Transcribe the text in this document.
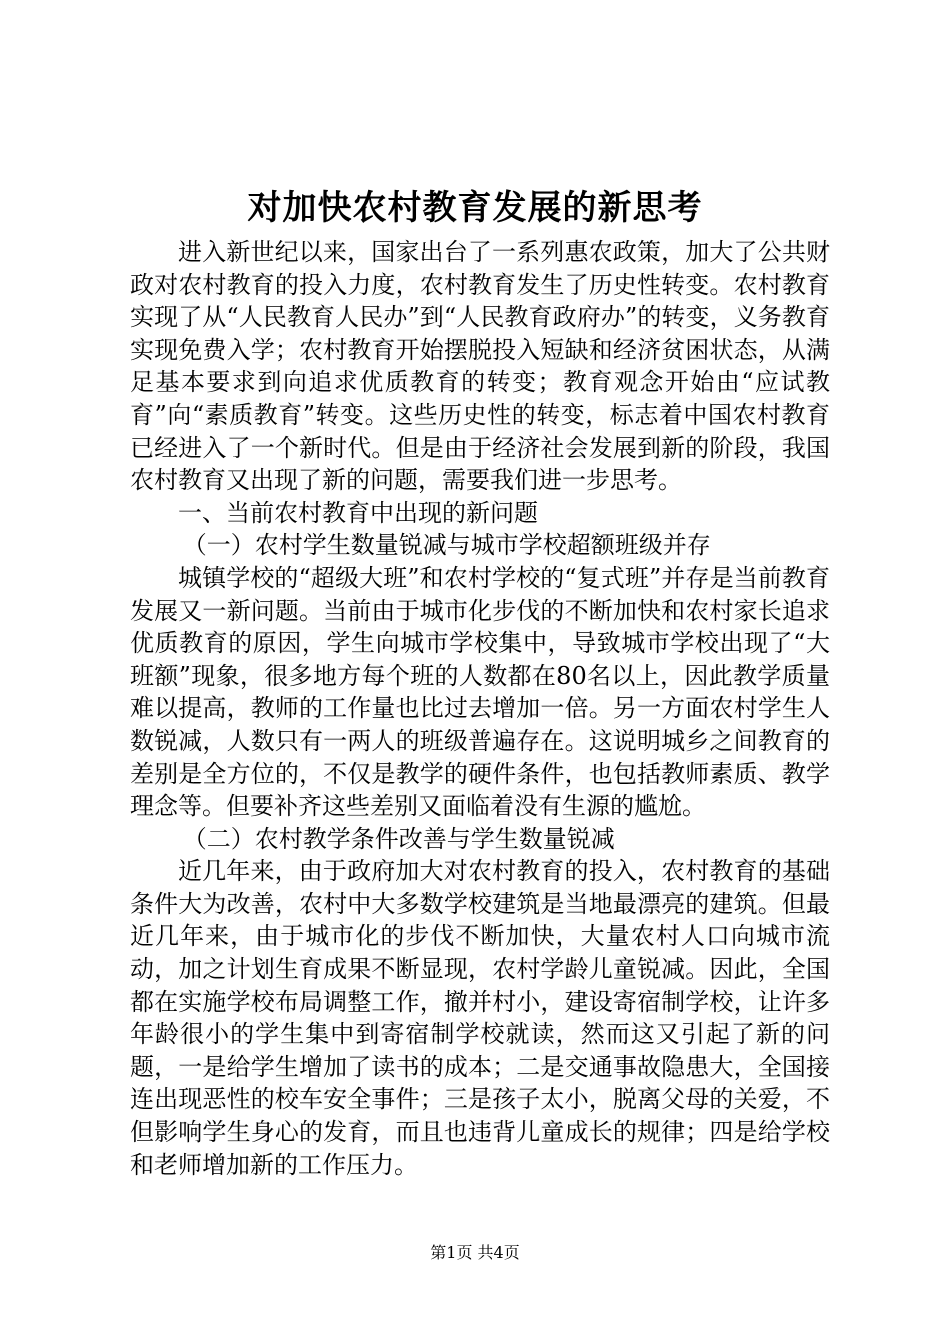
对加快农村教育发展的新思考

进入新世纪以来，国家出台了一系列惠农政策，加大了公共财政对农村教育的投入力度，农村教育发生了历史性转变。农村教育实现了从“人民教育人民办”到“人民教育政府办”的转变，义务教育实现免费入学；农村教育开始摆脱投入短缺和经济贫困状态，从满足基本要求到向追求优质教育的转变；教育观念开始由“应试教育”向“素质教育”转变。这些历史性的转变，标志着中国农村教育已经进入了一个新时代。但是由于经济社会发展到新的阶段，我国农村教育又出现了新的问题，需要我们进一步思考。

一、当前农村教育中出现的新问题

（一）农村学生数量锐减与城市学校超额班级并存

城镇学校的“超级大班”和农村学校的“复式班”并存是当前教育发展又一新问题。当前由于城市化步伐的不断加快和农村家长追求优质教育的原因，学生向城市学校集中，导致城市学校出现了“大班额”现象，很多地方每个班的人数都在80名以上，因此教学质量难以提高，教师的工作量也比过去增加一倍。另一方面农村学生人数锐减，人数只有一两人的班级普遍存在。这说明城乡之间教育的差别是全方位的，不仅是教学的硬件条件，也包括教师素质、教学理念等。但要补齐这些差别又面临着没有生源的尴尬。

（二）农村教学条件改善与学生数量锐减

近几年来，由于政府加大对农村教育的投入，农村教育的基础条件大为改善，农村中大多数学校建筑是当地最漂亮的建筑。但最近几年来，由于城市化的步伐不断加快，大量农村人口向城市流动，加之计划生育成果不断显现，农村学龄儿童锐减。因此，全国都在实施学校布局调整工作，撤并村小，建设寄宿制学校，让许多年龄很小的学生集中到寄宿制学校就读，然而这又引起了新的问题，一是给学生增加了读书的成本；二是交通事故隐患大，全国接连出现恶性的校车安全事件；三是孩子太小，脱离父母的关爱，不但影响学生身心的发育，而且也违背儿童成长的规律；四是给学校和老师增加新的工作压力。

第1页 共4页
